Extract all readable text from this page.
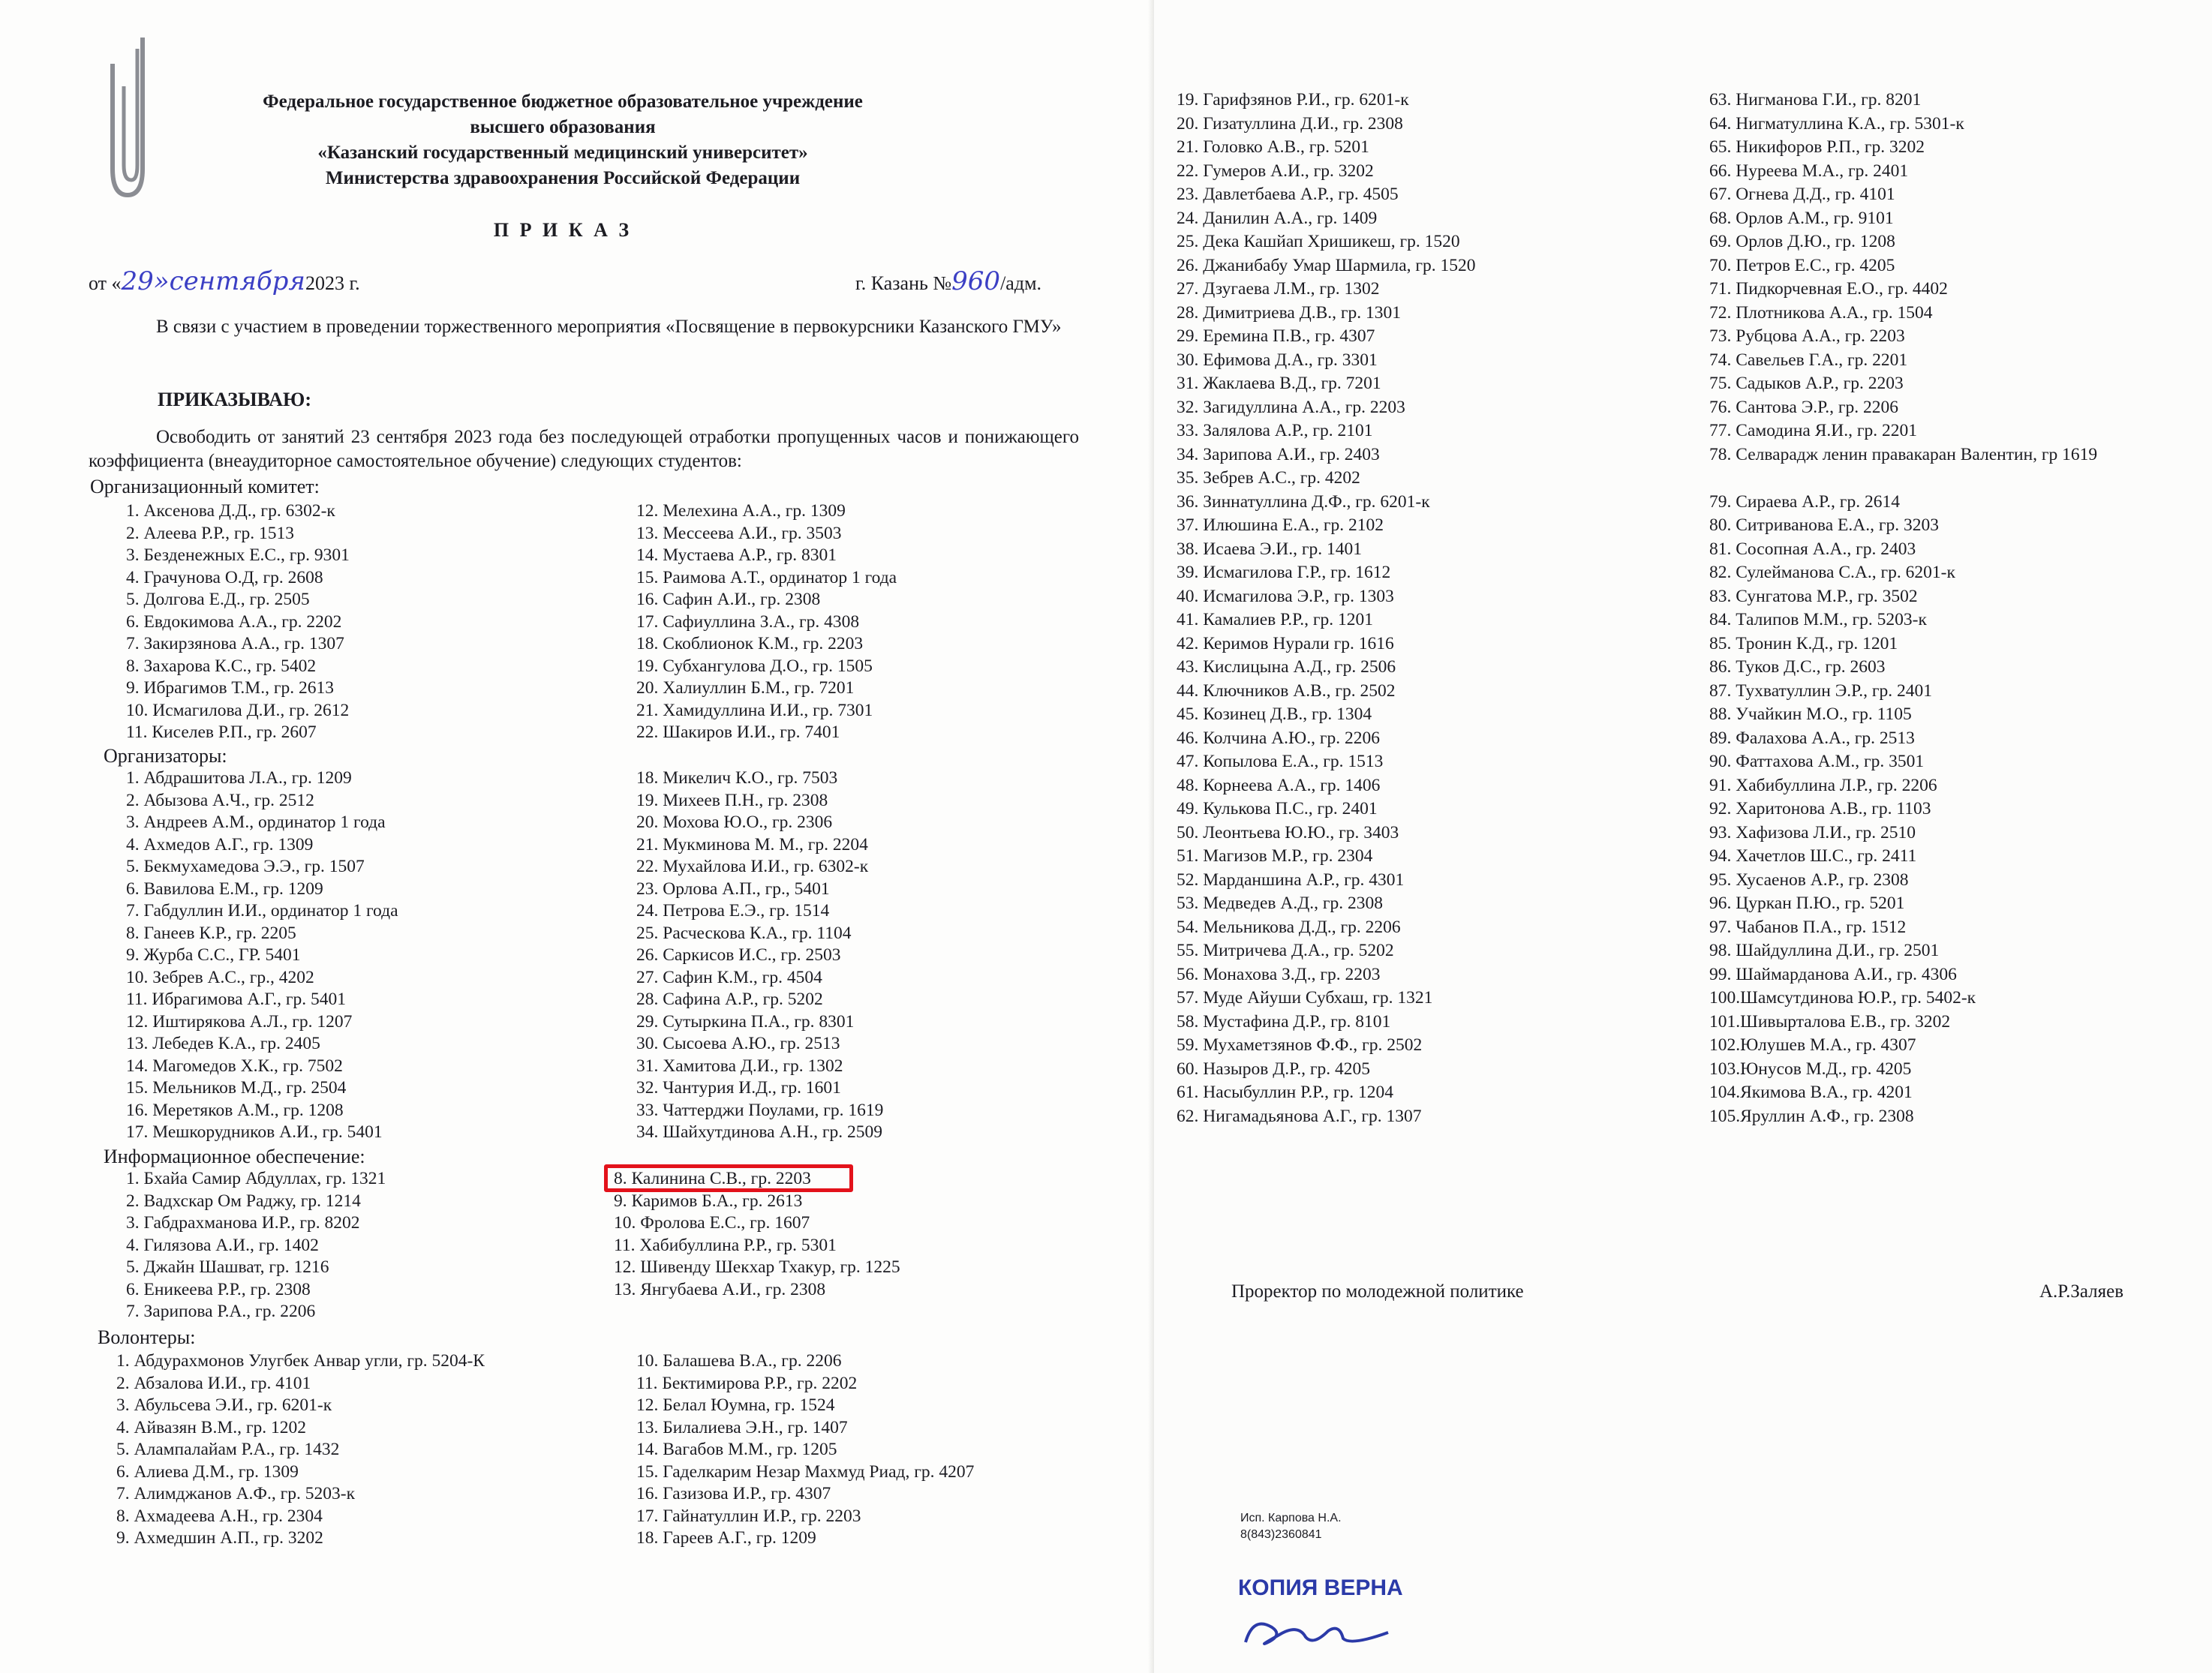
Федеральное государственное бюджетное образовательное учреждение
высшего образования
«Казанский государственный медицинский университет»
Министерства здравоохранения Российской Федерации
П Р И К А З
от «29»сентября2023 г.	г. Казань №960/адм.
В связи с участием в проведении торжественного мероприятия «Посвящение в первокурсники Казанского ГМУ»
ПРИКАЗЫВАЮ:
Освободить от занятий 23 сентября 2023 года без последующей отработки пропущенных часов и понижающего коэффициента (внеаудиторное самостоятельное обучение) следующих студентов:
Организационный комитет:
1. Аксенова Д.Д., гр. 6302-к
2. Алеева Р.Р., гр. 1513
3. Безденежных Е.С., гр. 9301
4. Грачунова О.Д, гр. 2608
5. Долгова Е.Д., гр. 2505
6. Евдокимова А.А., гр. 2202
7. Закирзянова А.А., гр. 1307
8. Захарова К.С., гр. 5402
9. Ибрагимов Т.М., гр. 2613
10. Исмагилова Д.И., гр. 2612
11. Киселев Р.П., гр. 2607
12. Мелехина А.А., гр. 1309
13. Мессеева А.И., гр. 3503
14. Мустаева А.Р., гр. 8301
15. Раимова А.Т., ординатор 1 года
16. Сафин А.И., гр. 2308
17. Сафиуллина З.А., гр. 4308
18. Скоблионок К.М., гр. 2203
19. Субхангулова Д.О., гр. 1505
20. Халиуллин Б.М., гр. 7201
21. Хамидуллина И.И., гр. 7301
22. Шакиров И.И., гр. 7401
Организаторы:
1. Абдрашитова Л.А., гр. 1209
2. Абызова А.Ч., гр. 2512
3. Андреев А.М., ординатор 1 года
4. Ахмедов А.Г., гр. 1309
5. Бекмухамедова Э.Э., гр. 1507
6. Вавилова Е.М., гр. 1209
7. Габдуллин И.И., ординатор 1 года
8. Ганеев К.Р., гр. 2205
9. Журба С.С., ГР. 5401
10. Зебрев А.С., гр., 4202
11. Ибрагимова А.Г., гр. 5401
12. Иштирякова А.Л., гр. 1207
13. Лебедев К.А., гр. 2405
14. Магомедов Х.К., гр. 7502
15. Мельников М.Д., гр. 2504
16. Меретяков А.М., гр. 1208
17. Мешкорудников А.И., гр. 5401
18. Микелич К.О., гр. 7503
19. Михеев П.Н., гр. 2308
20. Мохова Ю.О., гр. 2306
21. Мукминова М. М., гр. 2204
22. Мухайлова И.И., гр. 6302-к
23. Орлова А.П., гр., 5401
24. Петрова Е.Э., гр. 1514
25. Расческова К.А., гр. 1104
26. Саркисов И.С., гр. 2503
27. Сафин К.М., гр. 4504
28. Сафина А.Р., гр. 5202
29. Сутыркина П.А., гр. 8301
30. Сысоева А.Ю., гр. 2513
31. Хамитова Д.И., гр. 1302
32. Чантурия И.Д., гр. 1601
33. Чаттерджи Поулами, гр. 1619
34. Шайхутдинова А.Н., гр. 2509
Информационное обеспечение:
1. Бхайа Самир Абдуллах, гр. 1321
2. Вадхскар Ом Раджу, гр. 1214
3. Габдрахманова И.Р., гр. 8202
4. Гилязова А.И., гр. 1402
5. Джайн Шашват, гр. 1216
6. Еникеева Р.Р., гр. 2308
7. Зарипова Р.А., гр. 2206
8. Калинина С.В., гр. 2203
9. Каримов Б.А., гр. 2613
10. Фролова Е.С., гр. 1607
11. Хабибуллина Р.Р., гр. 5301
12. Шивенду Шекхар Тхакур, гр. 1225
13. Янгубаева А.И., гр. 2308
Волонтеры:
1. Абдурахмонов Улугбек Анвар угли, гр. 5204-К
2. Абзалова И.И., гр. 4101
3. Абульсева Э.И., гр. 6201-к
4. Айвазян В.М., гр. 1202
5. Алампалайам Р.А., гр. 1432
6. Алиева Д.М., гр. 1309
7. Алимджанов А.Ф., гр. 5203-к
8. Ахмадеева А.Н., гр. 2304
9. Ахмедшин А.П., гр. 3202
10. Балашева В.А., гр. 2206
11. Бектимирова Р.Р., гр. 2202
12. Белал Юумна, гр. 1524
13. Билалиева Э.Н., гр. 1407
14. Вагабов М.М., гр. 1205
15. Гаделкарим Незар Махмуд Риад, гр. 4207
16. Газизова И.Р., гр. 4307
17. Гайнатуллин И.Р., гр. 2203
18. Гареев А.Г., гр. 1209
19. Гарифзянов Р.И., гр. 6201-к
20. Гизатуллина Д.И., гр. 2308
21. Головко А.В., гр. 5201
22. Гумеров А.И., гр. 3202
23. Давлетбаева А.Р., гр. 4505
24. Данилин А.А., гр. 1409
25. Дека Кашйап Хришикеш, гр. 1520
26. Джанибабу Умар Шармила, гр. 1520
27. Дзугаева Л.М., гр. 1302
28. Димитриева Д.В., гр. 1301
29. Еремина П.В., гр. 4307
30. Ефимова Д.А., гр. 3301
31. Жаклаева В.Д., гр. 7201
32. Загидуллина А.А., гр. 2203
33. Залялова А.Р., гр. 2101
34. Зарипова А.И., гр. 2403
35. Зебрев А.С., гр. 4202
36. Зиннатуллина Д.Ф., гр. 6201-к
37. Илюшина Е.А., гр. 2102
38. Исаева Э.И., гр. 1401
39. Исмагилова Г.Р., гр. 1612
40. Исмагилова Э.Р., гр. 1303
41. Камалиев Р.Р., гр. 1201
42. Керимов Нурали гр. 1616
43. Кислицына А.Д., гр. 2506
44. Ключников А.В., гр. 2502
45. Козинец Д.В., гр. 1304
46. Колчина А.Ю., гр. 2206
47. Копылова Е.А., гр. 1513
48. Корнеева А.А., гр. 1406
49. Кулькова П.С., гр. 2401
50. Леонтьева Ю.Ю., гр. 3403
51. Магизов М.Р., гр. 2304
52. Марданшина А.Р., гр. 4301
53. Медведев А.Д., гр. 2308
54. Мельникова Д.Д., гр. 2206
55. Митричева Д.А., гр. 5202
56. Монахова З.Д., гр. 2203
57. Муде Айуши Субхаш, гр. 1321
58. Мустафина Д.Р., гр. 8101
59. Мухаметзянов Ф.Ф., гр. 2502
60. Назыров Д.Р., гр. 4205
61. Насыбуллин Р.Р., гр. 1204
62. Нигамадьянова А.Г., гр. 1307
63. Нигманова Г.И., гр. 8201
64. Нигматуллина К.А., гр. 5301-к
65. Никифоров Р.П., гр. 3202
66. Нуреева М.А., гр. 2401
67. Огнева Д.Д., гр. 4101
68. Орлов А.М., гр. 9101
69. Орлов Д.Ю., гр. 1208
70. Петров Е.С., гр. 4205
71. Пидкорчевная Е.О., гр. 4402
72. Плотникова А.А., гр. 1504
73. Рубцова А.А., гр. 2203
74. Савельев Г.А., гр. 2201
75. Садыков А.Р., гр. 2203
76. Сантова Э.Р., гр. 2206
77. Самодина Я.И., гр. 2201
78. Селварадж ленин правакаран Валентин, гр 1619
79. Сираева А.Р., гр. 2614
80. Ситриванова Е.А., гр. 3203
81. Сосопная А.А., гр. 2403
82. Сулейманова С.А., гр. 6201-к
83. Сунгатова М.Р., гр. 3502
84. Талипов М.М., гр. 5203-к
85. Тронин К.Д., гр. 1201
86. Туков Д.С., гр. 2603
87. Тухватуллин Э.Р., гр. 2401
88. Учайкин М.О., гр. 1105
89. Фалахова А.А., гр. 2513
90. Фаттахова А.М., гр. 3501
91. Хабибуллина Л.Р., гр. 2206
92. Харитонова А.В., гр. 1103
93. Хафизова Л.И., гр. 2510
94. Хачетлов Ш.С., гр. 2411
95. Хусаенов А.Р., гр. 2308
96. Цуркан П.Ю., гр. 5201
97. Чабанов П.А., гр. 1512
98. Шайдуллина Д.И., гр. 2501
99. Шаймарданова А.И., гр. 4306
100.Шамсутдинова Ю.Р., гр. 5402-к
101.Шивырталова Е.В., гр. 3202
102.Юлушев М.А., гр. 4307
103.Юнусов М.Д., гр. 4205
104.Якимова В.А., гр. 4201
105.Яруллин А.Ф., гр. 2308
Проректор по молодежной политике	А.Р.Заляев
Исп. Карпова Н.А.
8(843)2360841
КОПИЯ ВЕРНА
